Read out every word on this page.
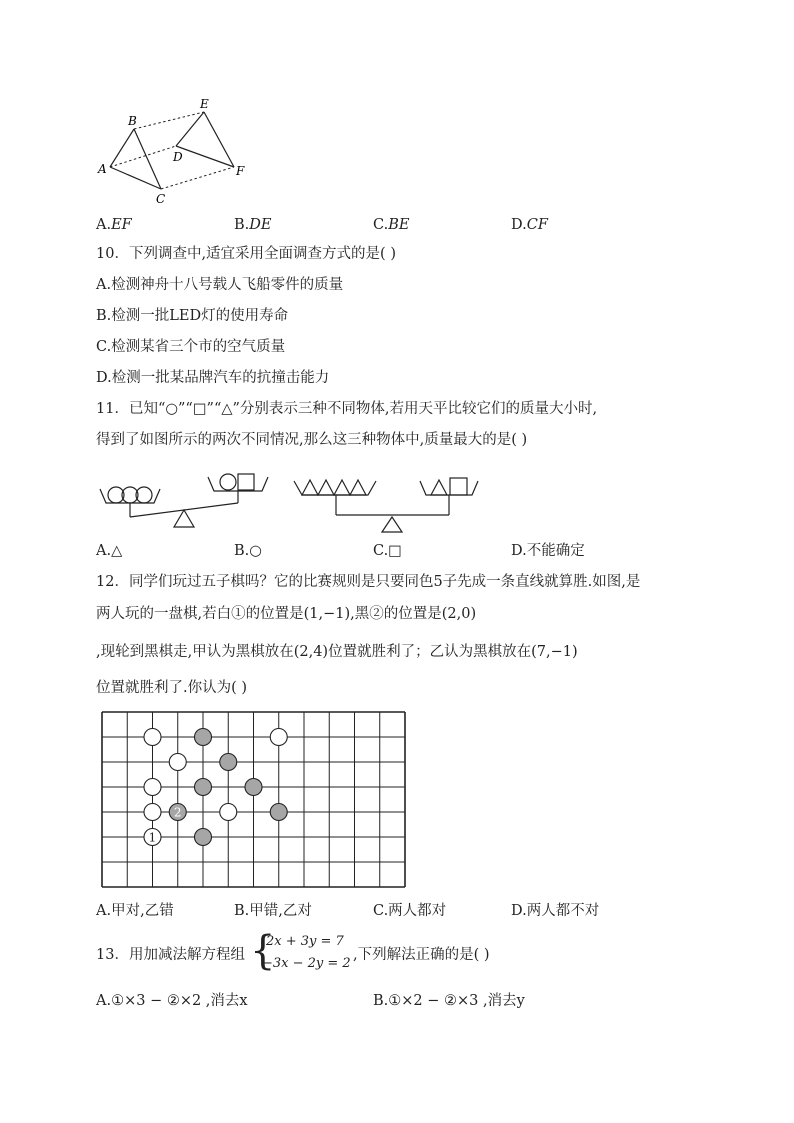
A
B
C
D
E
F
A.EF	B.DE	C.BE	D.CF
10．下列调查中,适宜采用全面调查方式的是( )
A.检测神舟十八号载人飞船零件的质量
B.检测一批LED灯的使用寿命
C.检测某省三个市的空气质量
D.检测一批某品牌汽车的抗撞击能力
11．已知“○”“□”“△”分别表示三种不同物体,若用天平比较它们的质量大小时,
得到了如图所示的两次不同情况,那么这三种物体中,质量最大的是( )
A.△	B.○	C.□	D.不能确定
12．同学们玩过五子棋吗？它的比赛规则是只要同色5子先成一条直线就算胜.如图,是
两人玩的一盘棋,若白①的位置是(1,−1),黑②的位置是(2,0)
,现轮到黑棋走,甲认为黑棋放在(2,4)位置就胜利了；乙认为黑棋放在(7,−1)
位置就胜利了.你认为( )
2
1
A.甲对,乙错	B.甲错,乙对	C.两人都对	D.两人都不对
13．用加减法解方程组 {
2x + 3y = 7
−3x − 2y = 2
,下列解法正确的是( )
A.①×3 − ②×2 ,消去x	B.①×2 − ②×3 ,消去y
